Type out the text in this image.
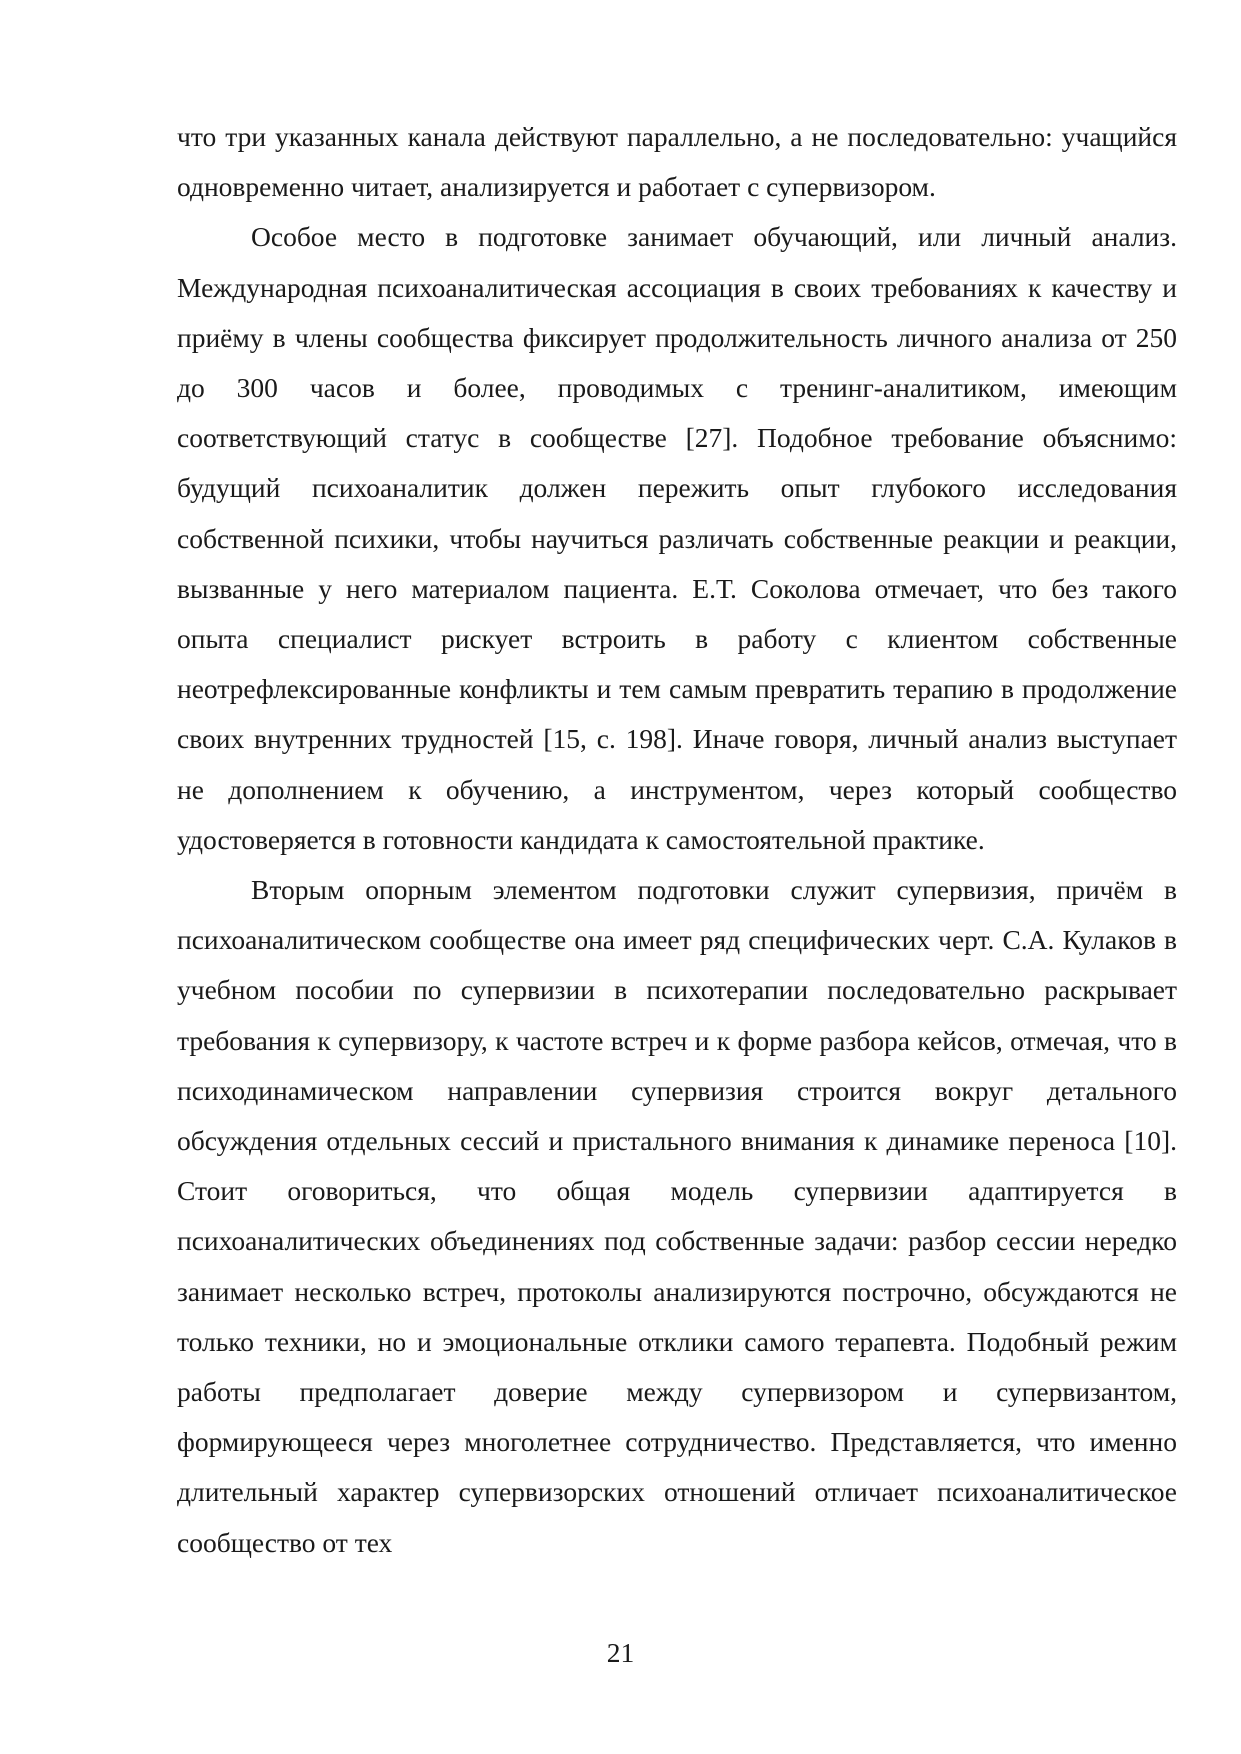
что три указанных канала действуют параллельно, а не последовательно: учащийся одновременно читает, анализируется и работает с супервизором.

Особое место в подготовке занимает обучающий, или личный анализ. Международная психоаналитическая ассоциация в своих требованиях к качеству и приёму в члены сообщества фиксирует продолжительность личного анализа от 250 до 300 часов и более, проводимых с тренинг-аналитиком, имеющим соответствующий статус в сообществе [27]. Подобное требование объяснимо: будущий психоаналитик должен пережить опыт глубокого исследования собственной психики, чтобы научиться различать собственные реакции и реакции, вызванные у него материалом пациента. Е.Т. Соколова отмечает, что без такого опыта специалист рискует встроить в работу с клиентом собственные неотрефлексированные конфликты и тем самым превратить терапию в продолжение своих внутренних трудностей [15, с. 198]. Иначе говоря, личный анализ выступает не дополнением к обучению, а инструментом, через который сообщество удостоверяется в готовности кандидата к самостоятельной практике.

Вторым опорным элементом подготовки служит супервизия, причём в психоаналитическом сообществе она имеет ряд специфических черт. С.А. Кулаков в учебном пособии по супервизии в психотерапии последовательно раскрывает требования к супервизору, к частоте встреч и к форме разбора кейсов, отмечая, что в психодинамическом направлении супервизия строится вокруг детального обсуждения отдельных сессий и пристального внимания к динамике переноса [10]. Стоит оговориться, что общая модель супервизии адаптируется в психоаналитических объединениях под собственные задачи: разбор сессии нередко занимает несколько встреч, протоколы анализируются построчно, обсуждаются не только техники, но и эмоциональные отклики самого терапевта. Подобный режим работы предполагает доверие между супервизором и супервизантом, формирующееся через многолетнее сотрудничество. Представляется, что именно длительный характер супервизорских отношений отличает психоаналитическое сообщество от тех

21
